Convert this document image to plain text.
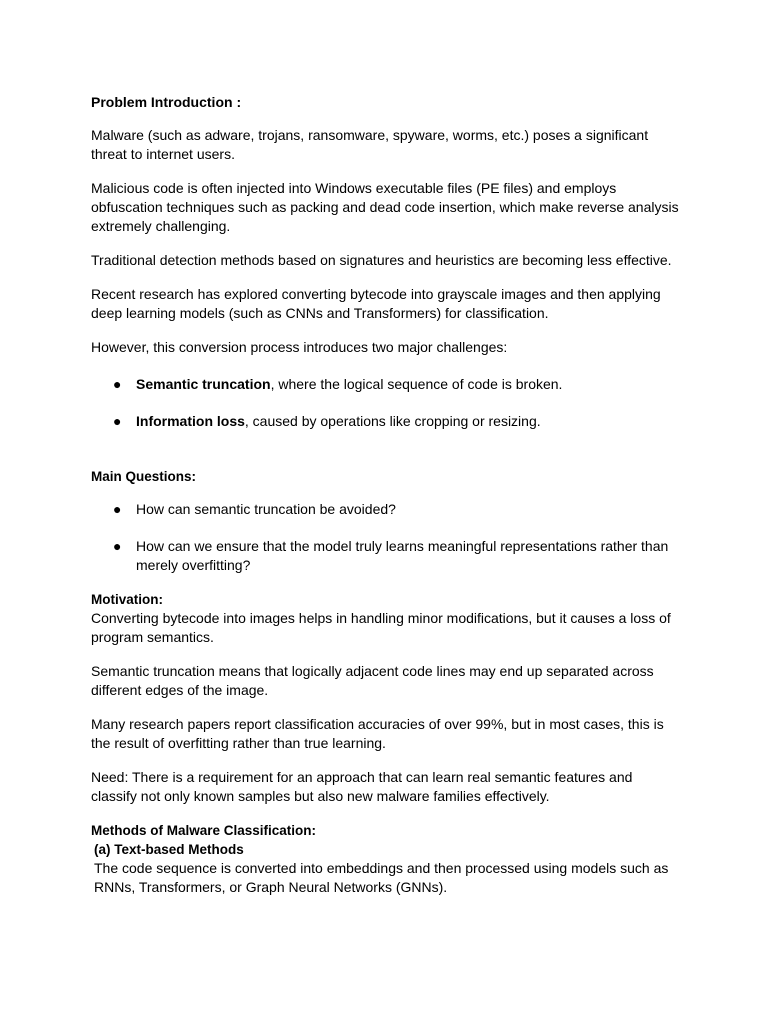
Problem Introduction :

Malware (such as adware, trojans, ransomware, spyware, worms, etc.) poses a significant threat to internet users.

Malicious code is often injected into Windows executable files (PE files) and employs obfuscation techniques such as packing and dead code insertion, which make reverse analysis extremely challenging.

Traditional detection methods based on signatures and heuristics are becoming less effective.

Recent research has explored converting bytecode into grayscale images and then applying deep learning models (such as CNNs and Transformers) for classification.

However, this conversion process introduces two major challenges:

● Semantic truncation, where the logical sequence of code is broken.
● Information loss, caused by operations like cropping or resizing.
Main Questions:
● How can semantic truncation be avoided?
● How can we ensure that the model truly learns meaningful representations rather than merely overfitting?
Motivation:

Converting bytecode into images helps in handling minor modifications, but it causes a loss of program semantics.

Semantic truncation means that logically adjacent code lines may end up separated across different edges of the image.

Many research papers report classification accuracies of over 99%, but in most cases, this is the result of overfitting rather than true learning.

Need: There is a requirement for an approach that can learn real semantic features and classify not only known samples but also new malware families effectively.

Methods of Malware Classification:
(a) Text-based Methods

The code sequence is converted into embeddings and then processed using models such as RNNs, Transformers, or Graph Neural Networks (GNNs).
